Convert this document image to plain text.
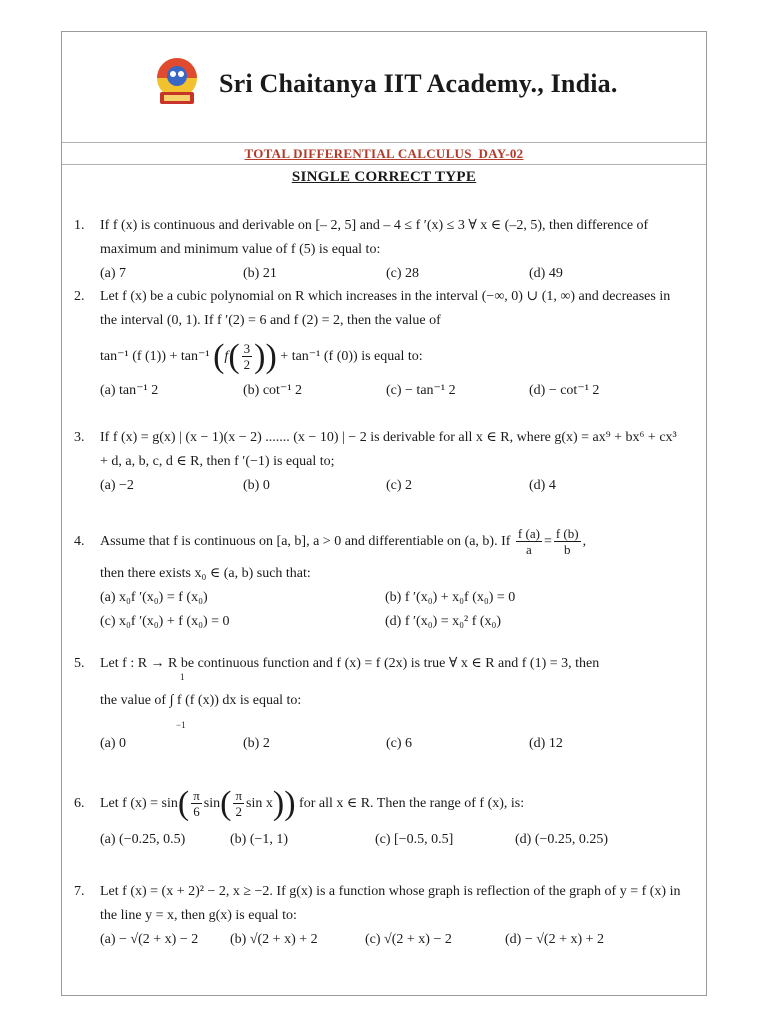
Sri Chaitanya IIT Academy., India.
TOTAL DIFFERENTIAL CALCULUS_DAY-02
SINGLE CORRECT TYPE
1.	If f (x) is continuous and derivable on [– 2, 5] and – 4 ≤ f ′(x) ≤ 3 ∀ x ∈ (–2, 5), then difference of maximum and minimum value of f (5) is equal to:
(a) 7	(b) 21	(c) 28	(d) 49
2.	Let f (x) be a cubic polynomial on R which increases in the interval (−∞, 0) ∪ (1, ∞) and decreases in the interval (0, 1). If f ′(2) = 6 and f (2) = 2, then the value of
tan⁻¹ (f (1)) + tan⁻¹ ($f( \frac{3}{2}$ )) + tan⁻¹ (f (0)) is equal to:
(a) tan⁻¹ 2	(b) cot⁻¹ 2	(c) − tan⁻¹ 2	(d) − cot⁻¹ 2
3.	If f (x) = g(x) | (x − 1)(x − 2) ....... (x − 10) | − 2 is derivable for all x ∈ R, where g(x) = ax⁹ + bx⁶ + cx³ + d, a, b, c, d ∈ R, then f ′(−1) is equal to;
(a) −2	(b) 0	(c) 2	(d) 4
4.	Assume that f is continuous on [a, b], a > 0 and differentiable on (a, b). If $\frac{f (a)}{a} = \frac{f (b)}{b}$ ,
then there exists x₀ ∈ (a, b) such that:
(a) x₀f ′(x₀) = f (x₀)	(b) f ′(x₀) + x₀f (x₀) = 0
(c) x₀f ′(x₀) + f (x₀) = 0	(d) f ′(x₀) = x₀² f (x₀)
5.	Let f : R → R be continuous function and f (x) = f (2x) is true ∀ x ∈ R and f (1) = 3, then
1
−1
the value of ∫ f (f (x)) dx is equal to:
(a) 0	(b) 2	(c) 6	(d) 12
6.	Let f $(x) = \sin( \frac{\pi}{6} \sin( \frac{\pi}{2}$ sin x)) for all x ∈ R. Then the range of f (x), is:
(a) (−0.25, 0.5)	(b) (−1, 1)	(c) [−0.5, 0.5]	(d) (−0.25, 0.25)
7.	Let f (x) = (x + 2)² − 2, x ≥ −2. If g(x) is a function whose graph is reflection of the graph of y = f (x) in the line y = x, then g(x) is equal to:
(a) − √(2 + x) − 2	(b) √(2 + x) + 2	(c) √(2 + x) − 2	(d) − √(2 + x) + 2
